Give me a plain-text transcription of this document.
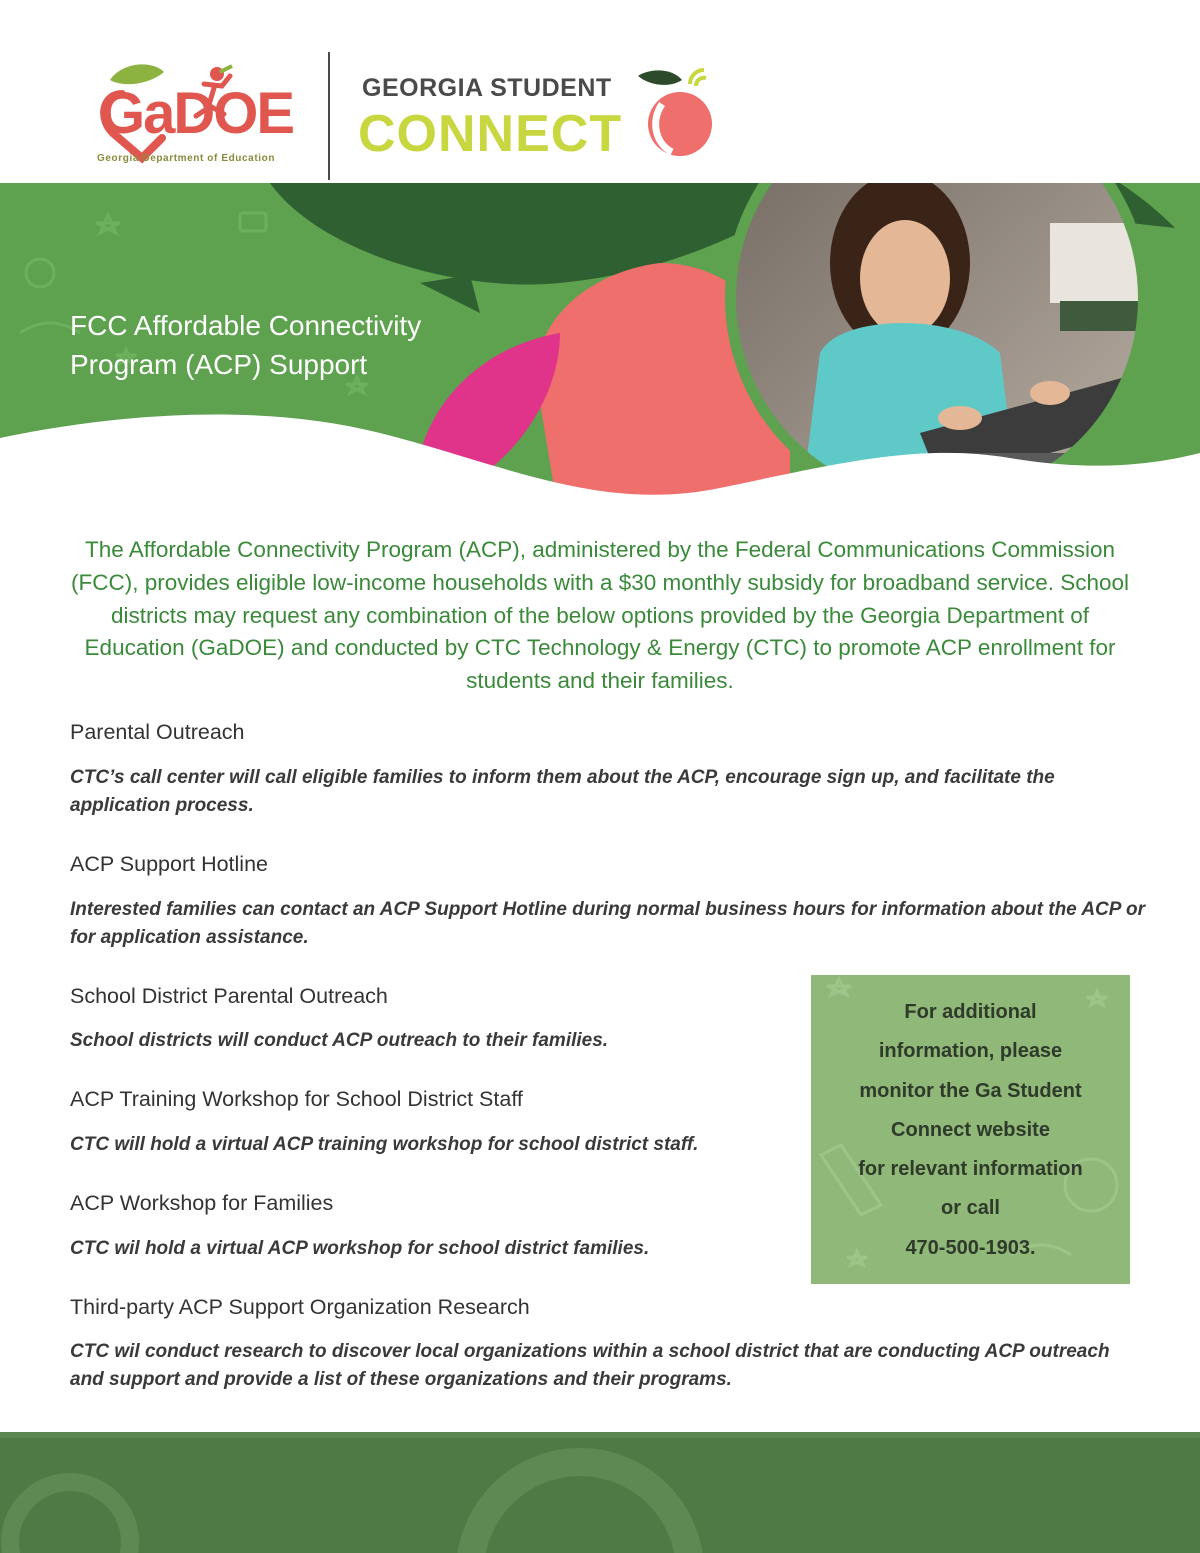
GaDOE
Georgia Department of Education
GEORGIA STUDENT
CONNECT
FCC Affordable Connectivity
Program (ACP) Support

The Affordable Connectivity Program (ACP), administered by the Federal Communications Commission (FCC), provides eligible low-income households with a $30 monthly subsidy for broadband service. School districts may request any combination of the below options provided by the Georgia Department of Education (GaDOE) and conducted by CTC Technology & Energy (CTC) to promote ACP enrollment for students and their families.

Parental Outreach

CTC’s call center will call eligible families to inform them about the ACP, encourage sign up, and facilitate the application process.

ACP Support Hotline

Interested families can contact an ACP Support Hotline during normal business hours for information about the ACP or for application assistance.

School District Parental Outreach

School districts will conduct ACP outreach to their families.

ACP Training Workshop for School District Staff

CTC will hold a virtual ACP training workshop for school district staff.

ACP Workshop for Families

CTC wil hold a virtual ACP workshop for school district families.

Third-party ACP Support Organization Research

CTC wil conduct research to discover local organizations within a school district that are conducting ACP outreach and support and provide a list of these organizations and their programs.

For additional
information, please
monitor the Ga Student
Connect website
for relevant information
or call
470-500-1903.
